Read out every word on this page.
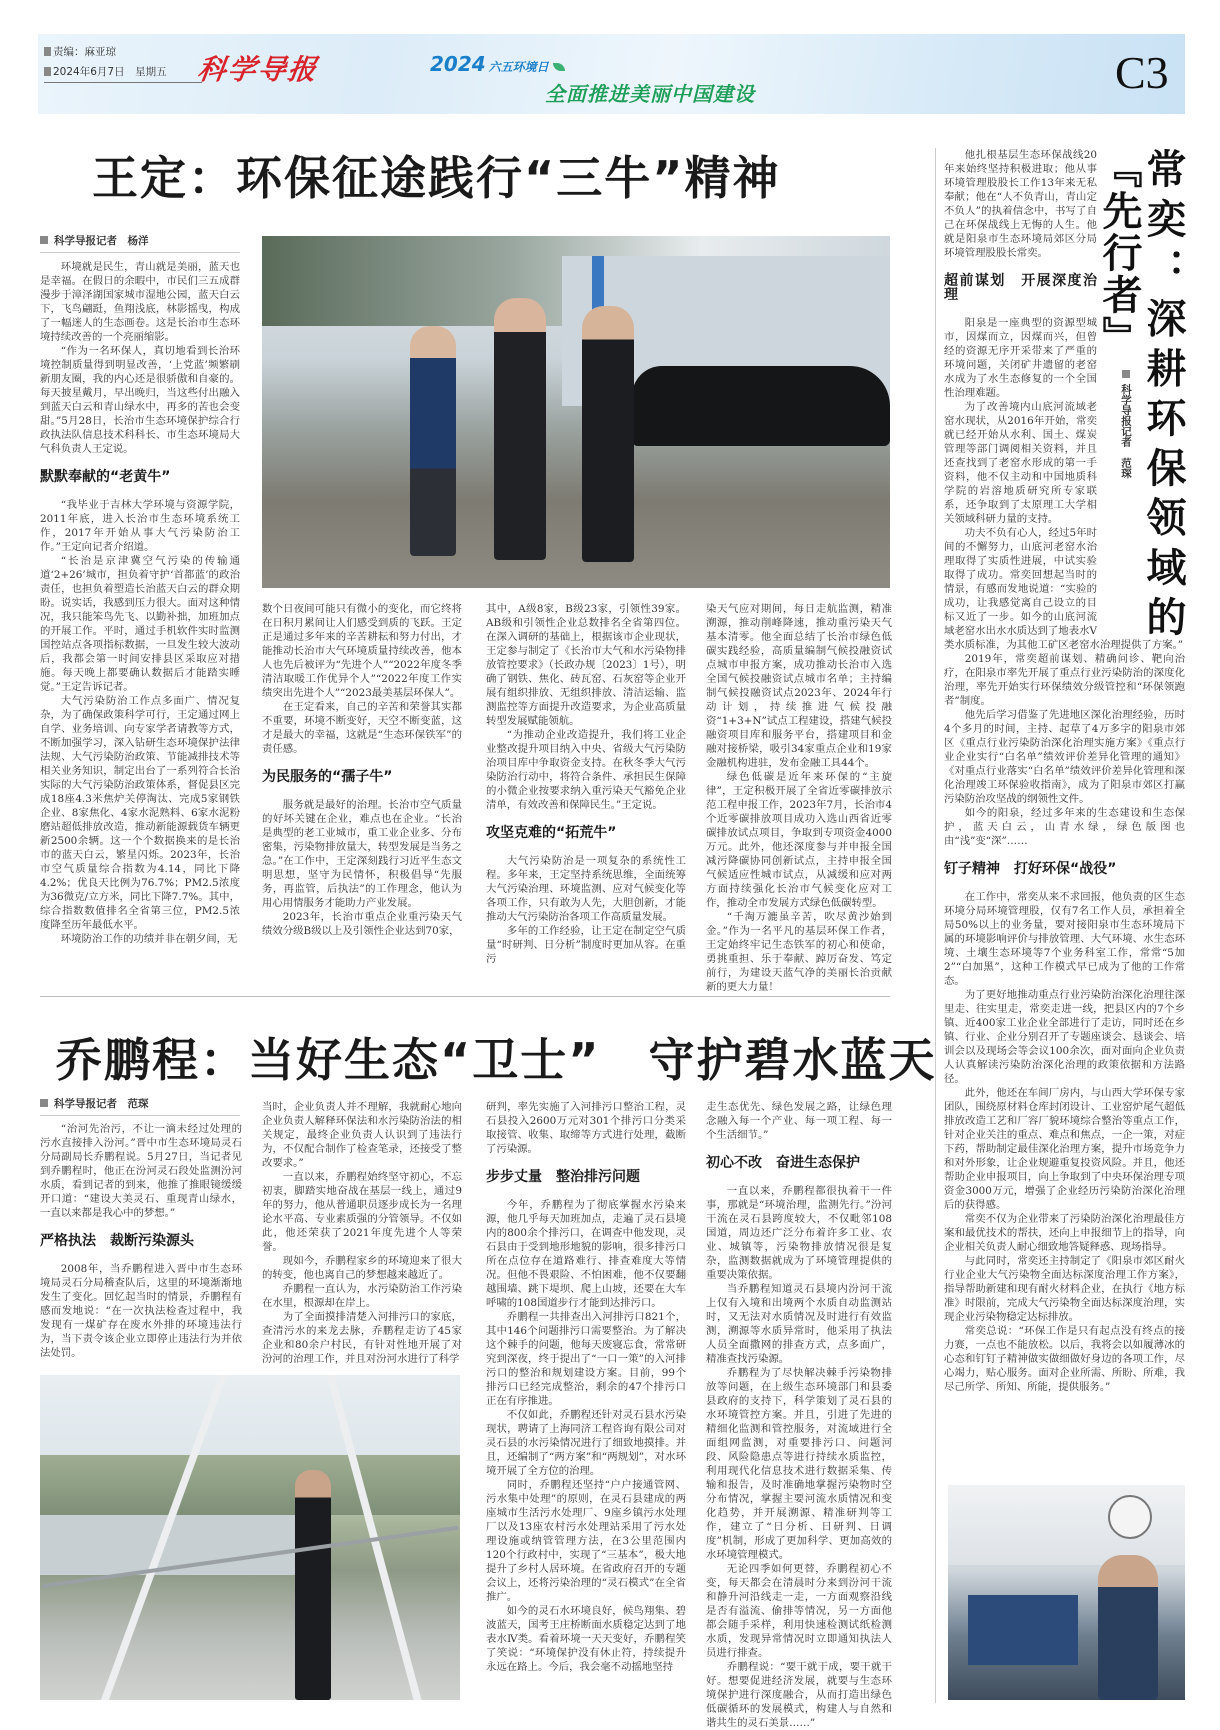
责编：麻亚琼
2024年6月7日　星期五 科学导报	2024 六五环境日
全面推进美丽中国建设	C3
王定：环保征途践行“三牛”精神
科学导报记者　杨洋

环境就是民生，青山就是美丽，蓝天也是幸福。在假日的余暇中，市民们三五成群漫步于漳泽湖国家城市湿地公园，蓝天白云下，飞鸟翩跹，鱼翔浅底，林影摇曳，构成了一幅迷人的生态画卷。这是长治市生态环境持续改善的一个亮丽缩影。

“作为一名环保人，真切地看到长治环境控制质量得到明显改善，‘上党蓝’频繁刷新朋友圈，我的内心还是很骄傲和自豪的。每天披星戴月，早出晚归，当这些付出融入到蓝天白云和青山绿水中，再多的苦也会变甜。”5月28日，长治市生态环境保护综合行政执法队信息技术科科长、市生态环境局大气科负责人王定说。

默默奉献的“老黄牛”

“我毕业于吉林大学环境与资源学院，2011年底，进入长治市生态环境系统工作，2017年开始从事大气污染防治工作。”王定向记者介绍道。

“长治是京津冀空气污染的传输通道‘2+26’城市，担负着守护‘首都蓝’的政治责任，也担负着塑造长治蓝天白云的群众期盼。说实话，我感到压力很大。面对这种情况，我只能笨鸟先飞、以勤补拙，加班加点的开展工作。平时，通过手机软件实时监测国控站点各项指标数据，一旦发生较大波动后，我都会第一时间安排县区采取应对措施。每天晚上都要确认数据后才能踏实睡觉。”王定告诉记者。

大气污染防治工作点多面广、情况复杂，为了确保政策科学可行，王定通过网上自学、业务培训、向专家学者请教等方式，不断加强学习，深入钻研生态环境保护法律法规、大气污染防治政策、节能减排技术等相关业务知识，制定出台了一系列符合长治实际的大气污染防治政策体系，督促县区完成18座4.3米焦炉关停淘汰、完成5家钢铁企业、8家焦化、4家水泥熟料、6家水泥粉磨站超低排放改造，推动新能源载货车辆更新2500余辆。这一个个数据换来的是长治市的蓝天白云，繁星闪烁。2023年，长治市空气质量综合指数为4.14，同比下降4.2%；优良天比例为76.7%；PM2.5浓度为36微克/立方米，同比下降7.7%。其中，综合指数数值排名全省第三位，PM2.5浓度降至历年最低水平。

环境防治工作的功绩并非在朝夕间，无

数个日夜间可能只有微小的变化，而它终将在日积月累间让人们感受到质的飞跃。王定正是通过多年来的辛苦耕耘和努力付出，才能推动长治市大气环境质量持续改善，他本人也先后被评为“先进个人”“2022年度冬季清洁取暖工作优异个人”“2022年度工作实绩突出先进个人”“2023最美基层环保人”。

在王定看来，自己的辛苦和荣誉其实都不重要，环境不断变好，天空不断变蓝，这才是最大的幸福，这就是“生态环保铁军”的责任感。

为民服务的“孺子牛”

服务就是最好的治理。长治市空气质量的好坏关键在企业，难点也在企业。“长治是典型的老工业城市，重工业企业多、分布密集，污染物排放量大，转型发展是当务之急。”在工作中，王定深刻践行习近平生态文明思想，坚守为民情怀，积极倡导“先服务，再监管，后执法”的工作理念，他认为用心用情服务才能助力产业发展。

2023年，长治市重点企业重污染天气绩效分级B级以上及引领性企业达到70家，

其中，A级8家，B级23家，引领性39家。AB级和引领性企业总数排名全省第四位。在深入调研的基础上，根据该市企业现状，王定参与制定了《长治市大气和水污染物排放管控要求》（长政办规〔2023〕1号），明确了钢铁、焦化、砖瓦窑、石灰窑等企业开展有组织排放、无组织排放、清洁运输、监测监控等方面提升改造要求，为企业高质量转型发展赋能领航。

“为推动企业改造提升，我们将工业企业整改提升项目纳入中央、省级大气污染防治项目库中争取资金支持。在秋冬季大气污染防治行动中，将符合条件、承担民生保障的小微企业按要求纳入重污染天气豁免企业清单，有效改善和保障民生。”王定说。

攻坚克难的“拓荒牛”

大气污染防治是一项复杂的系统性工程。多年来，王定坚持系统思维，全面统筹大气污染治理、环境监测、应对气候变化等各项工作，只有敢为人先，大胆创新，才能推动大气污染防治各项工作高质量发展。

多年的工作经验，让王定在制定空气质量“时研判、日分析”制度时更加从容。在重污

染天气应对期间，每日走航监测，精准溯源，推动削峰降速，推动重污染天气基本清零。他全面总结了长治市绿色低碳实践经验，高质量编制气候投融资试点城市申报方案，成功推动长治市入选全国气候投融资试点城市名单；主持编制气候投融资试点2023年、2024年行动计划，持续推进气候投融资“1+3+N”试点工程建设，搭建气候投融资项目库和服务平台，搭建项目和金融对接桥梁，吸引34家重点企业和19家金融机构进驻，发布金融工具44个。

绿色低碳是近年来环保的“主旋律”，王定积极开展了全省近零碳排放示范工程申报工作，2023年7月，长治市4个近零碳排放项目成功入选山西省近零碳排放试点项目，争取到专项资金4000万元。此外，他还深度参与并申报全国减污降碳协同创新试点，主持申报全国气候适应性城市试点，从减缓和应对两方面持续强化长治市气候变化应对工作，推动全市发展方式绿色低碳转型。

“千淘万漉虽辛苦，吹尽黄沙始到金。”作为一名平凡的基层环保工作者，王定始终牢记生态铁军的初心和使命，勇挑重担、乐于奉献、踔厉奋发、笃定前行，为建设天蓝气净的美丽长治贡献新的更大力量！

常奕：深耕环保领域的『先行者』
科学导报记者　范琛

他扎根基层生态环保战线20年来始终坚持积极进取；他从事环境管理股股长工作13年来无私奉献；他在“人不负青山，青山定不负人”的执着信念中，书写了自己在环保战线上无悔的人生。他就是阳泉市生态环境局郊区分局环境管理股股长常奕。

超前谋划　开展深度治理

阳泉是一座典型的资源型城市，因煤而立，因煤而兴，但曾经的资源无序开采带来了严重的环境问题，关闭矿井遗留的老窑水成为了水生态修复的一个全国性治理难题。

为了改善境内山底河流域老窑水现状，从2016年开始，常奕就已经开始从水利、国土、煤炭管理等部门调阅相关资料，并且还查找到了老窑水形成的第一手资料，他不仅主动和中国地质科学院的岩溶地质研究所专家联系，还争取到了太原理工大学相关领域科研力量的支持。

功夫不负有心人，经过5年时间的不懈努力，山底河老窑水治理取得了实质性进展，中试实验取得了成功。常奕回想起当时的情景，有感而发地说道：“实验的成功，让我感觉离自己设立的目标又近了一步。如今的山底河流域老窑水出水水质达到了地表水Ⅴ类水质标准，为其他工矿区老窑水治理提供了方案。”

2019年，常奕超前谋划、精确问诊、靶向治疗，在阳泉市率先开展了重点行业污染防治的深度化治理，率先开始实行环保绩效分级管控和“环保领跑者”制度。

他先后学习借鉴了先进地区深化治理经验，历时4个多月的时间，主持、起草了4万多字的阳泉市郊区《重点行业污染防治深化治理实施方案》《重点行业企业实行“白名单”绩效评价差异化管理的通知》《对重点行业落实“白名单”绩效评价差异化管理和深化治理竣工环保验收指南》，成为了阳泉市郊区打赢污染防治攻坚战的纲领性文件。

如今的阳泉，经过多年来的生态建设和生态保护，蓝天白云，山青水绿，绿色版图也由“浅”变“深”……

钉子精神　打好环保“战役”

在工作中，常奕从来不求回报，他负责的区生态环境分局环境管理股，仅有7名工作人员，承担着全局50%以上的业务量，要对接阳泉市生态环境局下属的环境影响评价与排放管理、大气环境、水生态环境、土壤生态环境等7个业务科室工作，常常“5加2”“白加黑”，这种工作模式早已成为了他的工作常态。

为了更好地推动重点行业污染防治深化治理往深里走、往实里走，常奕走进一线，把县区内的7个乡镇、近400家工业企业全部进行了走访，同时还在乡镇、行业、企业分别召开了专题座谈会、恳谈会、培训会以及现场会等会议100余次，面对面向企业负责人认真解读污染防治深化治理的政策依据和方法路径。

此外，他还在车间厂房内，与山西大学环保专家团队，围绕原材料仓库封闭设计、工业窑炉尾气超低排放改造工艺和厂容厂貌环境综合整治等重点工作，针对企业关注的重点、难点和焦点，一企一策，对症下药，帮助制定最佳深化治理方案，提升市场竞争力和对外形象，让企业规避重复投资风险。并且，他还帮助企业申报项目，向上争取到了中央环保治理专项资金3000万元，增强了企业经历污染防治深化治理后的获得感。

常奕不仅为企业带来了污染防治深化治理最佳方案和最优技术的帮扶，还向上申报细节上的指导，向企业相关负责人耐心细致地答疑释惑、现场指导。

与此同时，常奕还主持制定了《阳泉市郊区耐火行业企业大气污染物全面达标深度治理工作方案》，指导帮助新建和现有耐火材料企业，在执行《地方标准》时限前，完成大气污染物全面达标深度治理，实现企业污染物稳定达标排放。

常奕总说：“环保工作是只有起点没有终点的接力赛，一点也不能放松。以后，我将会以如履薄冰的心态和钉钉子精神做实做细做好身边的各项工作，尽心竭力，贴心服务。面对企业所需、所盼、所难，我尽己所学、所知、所能，提供服务。”

乔鹏程：当好生态“卫士”　守护碧水蓝天
科学导报记者　范琛

“治河先治污，不让一滴未经过处理的污水直接排入汾河。”晋中市生态环境局灵石分局副局长乔鹏程说。5月27日，当记者见到乔鹏程时，他正在汾河灵石段处监测汾河水质，看到记者的到来，他推了推眼镜缓缓开口道：“建设大美灵石、重现青山绿水，一直以来都是我心中的梦想。”

严格执法　裁断污染源头

2008年，当乔鹏程进入晋中市生态环境局灵石分局稽查队后，这里的环境渐渐地发生了变化。回忆起当时的情景，乔鹏程有感而发地说：“在一次执法检查过程中，我发现有一煤矿存在废水外排的环境违法行为，当下责令该企业立即停止违法行为并依法处罚。

当时，企业负责人并不理解，我就耐心地向企业负责人解释环保法和水污染防治法的相关规定，最终企业负责人认识到了违法行为，不仅配合制作了检查笔录，还接受了整改要求。”

一直以来，乔鹏程始终坚守初心，不忘初衷，脚踏实地奋战在基层一线上，通过9年的努力，他从普通职员逐步成长为一名理论水平高、专业素质强的分管领导。不仅如此，他还荣获了2021年度先进个人等荣誉。

现如今，乔鹏程家乡的环境迎来了很大的转变，他也离自己的梦想越来越近了。

乔鹏程一直认为，水污染防治工作污染在水里，根源却在岸上。

为了全面摸排清楚入河排污口的家底，查清污水的来龙去脉，乔鹏程走访了45家企业和80余户村民，有针对性地开展了对汾河的治理工作，并且对汾河水进行了科学

研判，率先实施了入河排污口整治工程，灵石县投入2600万元对301个排污口分类采取接管、收集、取缔等方式进行处理，截断了污染源。

步步丈量　整治排污问题

今年，乔鹏程为了彻底掌握水污染来源，他几乎每天加班加点，走遍了灵石县境内的800余个排污口，在调查中他发现，灵石县由于受到地形地貌的影响，很多排污口所在点位存在道路难行、排查难度大等情况。但他不畏艰险、不怕困难，他不仅要翻越围墙、跳下堤坝、爬上山坡，还要在大车呼啸的108国道步行才能到达排污口。

乔鹏程一共排查出入河排污口821个，其中146个问题排污口需要整治。为了解决这个棘手的问题，他每天废寝忘食，常常研究到深夜，终于提出了“一口一策”的入河排污口的整治和规划建设方案。目前，99个排污口已经完成整治，剩余的47个排污口正在有序推进。

不仅如此，乔鹏程还针对灵石县水污染现状，聘请了上海同济工程咨询有限公司对灵石县的水污染情况进行了细致地摸排。并且，还编制了“两方案”和“两规划”，对水环境开展了全方位的治理。

同时，乔鹏程还坚持“户户接通管网、污水集中处理”的原则，在灵石县建成的两座城市生活污水处理厂、9座乡镇污水处理厂以及13座农村污水处理站采用了污水处理设施或纳管管理方法，在3公里范围内120个行政村中，实现了“三基本”，极大地提升了乡村人居环境。在省政府召开的专题会议上，还将污染治理的“灵石模式”在全省推广。

如今的灵石水环境良好，候鸟翔集、碧波蓝天，国考王庄桥断面水质稳定达到了地表水Ⅳ类。看着环境一天天变好，乔鹏程笑了笑说：“环境保护没有休止符，持续提升永远在路上。今后，我会毫不动摇地坚持

走生态优先、绿色发展之路，让绿色理念融入每一个产业、每一项工程、每一个生活细节。”

初心不改　奋进生态保护

一直以来，乔鹏程都很执着干一件事，那就是“环境治理，监测先行。”汾河干流在灵石县跨度较大，不仅毗邻108国道，周边还广泛分布着许多工业、农业、城镇等，污染物排放情况很是复杂，监测数据就成为了环境管理提供的重要决策依据。

当乔鹏程知道灵石县境内汾河干流上仅有入境和出境两个水质自动监测站时，又无法对水质情况及时进行有效监测，溯源等水质异常时，他采用了执法人员全面撒网的排查方式，点多面广，精准查找污染源。

乔鹏程为了尽快解决棘手污染物排放等问题，在上级生态环境部门和县委县政府的支持下，科学策划了灵石县的水环境管控方案。并且，引进了先进的精细化监测和管控服务，对流域进行全面组网监测，对重要排污口、问题河段、风险隐患点等进行持续水质监控，利用现代化信息技术进行数据采集、传输和报告，及时准确地掌握污染物时空分布情况，掌握主要河流水质情况和变化趋势，并开展溯源、精准研判等工作，建立了“日分析、日研判、日调度”机制，形成了更加科学、更加高效的水环境管理模式。

无论四季如何更替，乔鹏程初心不变，每天都会在清晨时分来到汾河干流和静升河沿线走一走，一方面观察沿线是否有溢流、偷排等情况，另一方面他都会随手采样，利用快速检测试纸检测水质，发现异常情况时立即通知执法人员进行排查。

乔鹏程说：“要干就干成，要干就干好。想要促进经济发展，就要与生态环境保护进行深度融合，从而打造出绿色低碳循环的发展模式，构建人与自然和谐共生的灵石美景……”
